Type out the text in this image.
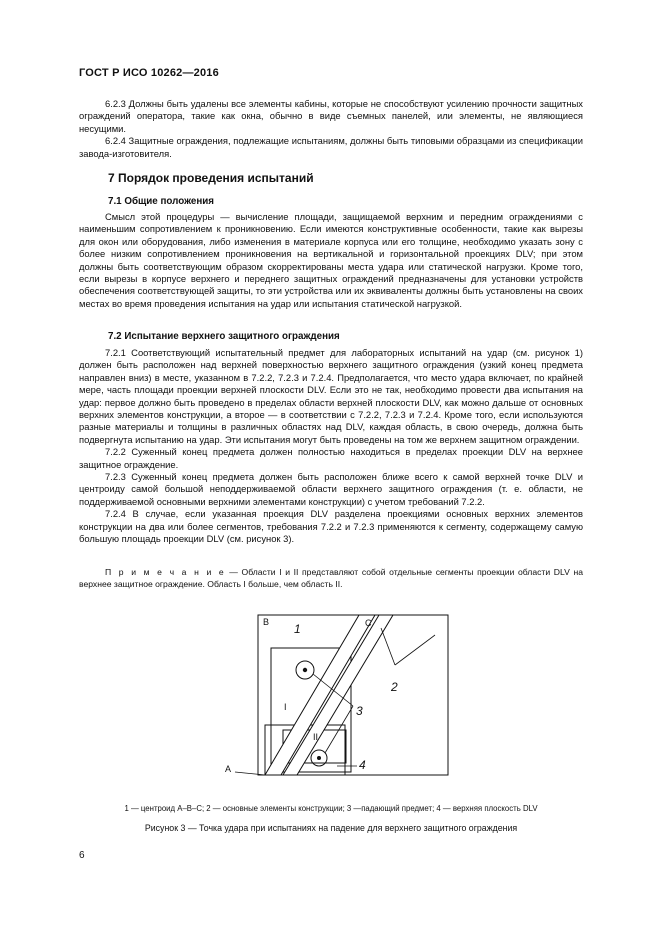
ГОСТ Р ИСО 10262—2016

6.2.3 Должны быть удалены все элементы кабины, которые не способствуют усилению прочности защитных ограждений оператора, такие как окна, обычно в виде съемных панелей, или элементы, не являющиеся несущими.

6.2.4 Защитные ограждения, подлежащие испытаниям, должны быть типовыми образцами из спецификации завода-изготовителя.

7 Порядок проведения испытаний
7.1 Общие положения

Смысл этой процедуры — вычисление площади, защищаемой верхним и передним ограждениями с наименьшим сопротивлением к проникновению. Если имеются конструктивные особенности, такие как вырезы для окон или оборудования, либо изменения в материале корпуса или его толщине, необходимо указать зону с более низким сопротивлением проникновения на вертикальной и горизонтальной проекциях DLV; при этом должны быть соответствующим образом скорректированы места удара или статической нагрузки. Кроме того, если вырезы в корпусе верхнего и переднего защитных ограждений предназначены для установки устройств обеспечения соответствующей защиты, то эти устройства или их эквиваленты должны быть установлены на своих местах во время проведения испытания на удар или испытания статической нагрузкой.

7.2 Испытание верхнего защитного ограждения

7.2.1 Соответствующий испытательный предмет для лабораторных испытаний на удар (см. рисунок 1) должен быть расположен над верхней поверхностью верхнего защитного ограждения (узкий конец предмета направлен вниз) в месте, указанном в 7.2.2, 7.2.3 и 7.2.4. Предполагается, что место удара включает, по крайней мере, часть площади проекции верхней плоскости DLV. Если это не так, необходимо провести два испытания на удар: первое должно быть проведено в пределах области верхней плоскости DLV, как можно дальше от основных верхних элементов конструкции, а второе — в соответствии с 7.2.2, 7.2.3 и 7.2.4. Кроме того, если используются разные материалы и толщины в различных областях над DLV, каждая область, в свою очередь, должна быть подвергнута испытанию на удар. Эти испытания могут быть проведены на том же верхнем защитном ограждении.

7.2.2 Суженный конец предмета должен полностью находиться в пределах проекции DLV на верхнее защитное ограждение.

7.2.3 Суженный конец предмета должен быть расположен ближе всего к самой верхней точке DLV и центроиду самой большой неподдерживаемой области верхнего защитного ограждения (т. е. области, не поддерживаемой основными верхними элементами конструкции) с учетом требований 7.2.2.

7.2.4 В случае, если указанная проекция DLV разделена проекциями основных верхних элементов конструкции на два или более сегментов, требования 7.2.2 и 7.2.3 применяются к сегменту, содержащему самую большую площадь проекции DLV (см. рисунок 3).

П р и м е ч а н и е — Области I и II представляют собой отдельные сегменты проекции области DLV на верхнее защитное ограждение. Область I больше, чем область II.

B	C
A
I
II
1
2
3
4
1 — центроид A–B–C; 2 — основные элементы конструкции; 3 —падающий предмет; 4 — верхняя плоскость DLV
Рисунок 3 — Точка удара при испытаниях на падение для верхнего защитного ограждения
6
